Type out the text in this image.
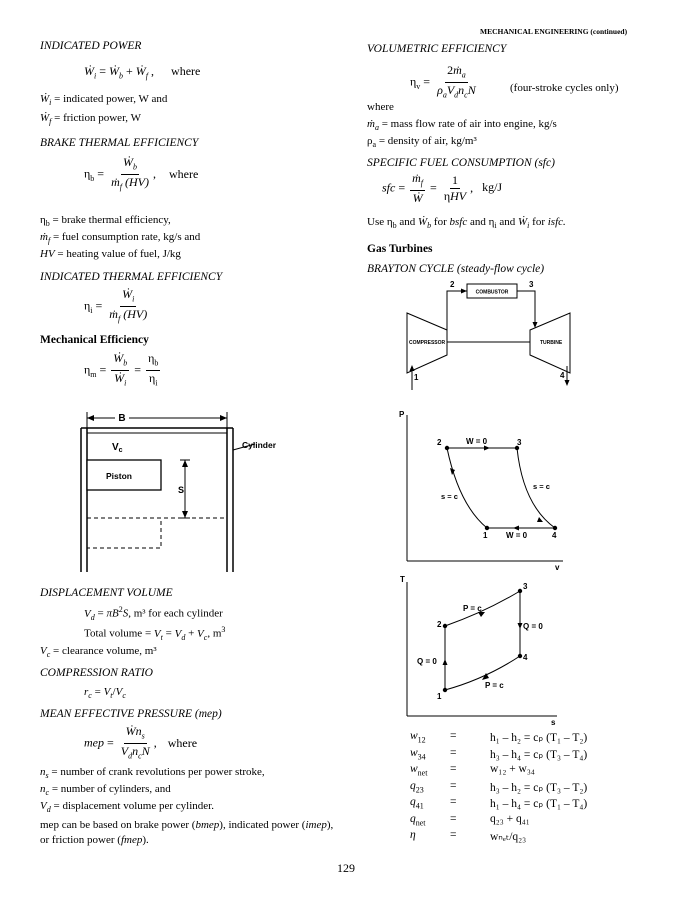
MECHANICAL ENGINEERING (continued)
INDICATED POWER
Ẇ$_i$ = Ẇ$_b$ + Ẇ$_f$ , where
Ẇ$_i$ = indicated power, W and
Ẇ$_f$ = friction power, W
BRAKE THERMAL EFFICIENCY
$\eta_b = \frac{Ẇ_b}{ṁ_f (HV)}$ , where
$\eta_b$ = brake thermal efficiency,
ṁ$_f$ = fuel consumption rate, kg/s and
HV = heating value of fuel, J/kg
INDICATED THERMAL EFFICIENCY
$\eta_i = \frac{Ẇ_i}{ṁ_f (HV)}$
Mechanical Efficiency
$\eta_m = \frac{Ẇ_b}{Ẇ_i} = \frac{\eta_b}{\eta_i}$
B
$V_c$
Cylinder
Piston
S
DISPLACEMENT VOLUME
$V_d = \pi B^2S$, m³ for each cylinder
Total volume = $V_t = V_d + V_c$, $m^3$
$V_c$ = clearance volume, m³
COMPRESSION RATIO
$r_c = V_t/V_c$
MEAN EFFECTIVE PRESSURE (mep)
mep = $\frac{Ẇn_s}{V_dn_cN}$ , where
$n_s$ = number of crank revolutions per power stroke,
$n_c$ = number of cylinders, and
$V_d$ = displacement volume per cylinder.
mep can be based on brake power (bmep), indicated power (imep), or friction power (fmep).
VOLUMETRIC EFFICIENCY
$\eta_v = \frac{2ṁ_a}{\rho_aV_dn_cN}$	(four-stroke cycles only)
where
ṁ$_a$ = mass flow rate of air into engine, kg/s
$\rho_a$ = density of air, kg/m³
SPECIFIC FUEL CONSUMPTION (sfc)
sfc = $\frac{ṁ_f}{\text{Ẇ}} = \frac{1}{\text{ηHV}}$ , kg/J
Use $\eta_b$ and Ẇ$_b$ for bsfc and $\eta_i$ and Ẇ$_i$ for isfc.
Gas Turbines
BRAYTON CYCLE (steady-flow cycle)
COMPRESSOR	TURBINE
COMBUSTOR
2	3
1	4
P
v
2	3
1	4
W = 0
W = 0
s = c
s = c
T
s
2
3
4
1
P = c
P = c
Q = 0
Q = 0
$w_{12}$ =	h₁ – h₂ = cₚ (T₁ – T₂)
$w_{34}$ =	h₃ – h₄ = cₚ (T₃ – T₄)
$w_{net}$ =	w₁₂ + w₃₄
$q_{23}$ =	h₃ – h₂ = cₚ (T₃ – T₂)
$q_{41}$ =	h₁ – h₄ = cₚ (T₁ – T₄)
$q_{net}$ =	q₂₃ + q₄₁
η	=	wₙₑₜ/q₂₃
129
